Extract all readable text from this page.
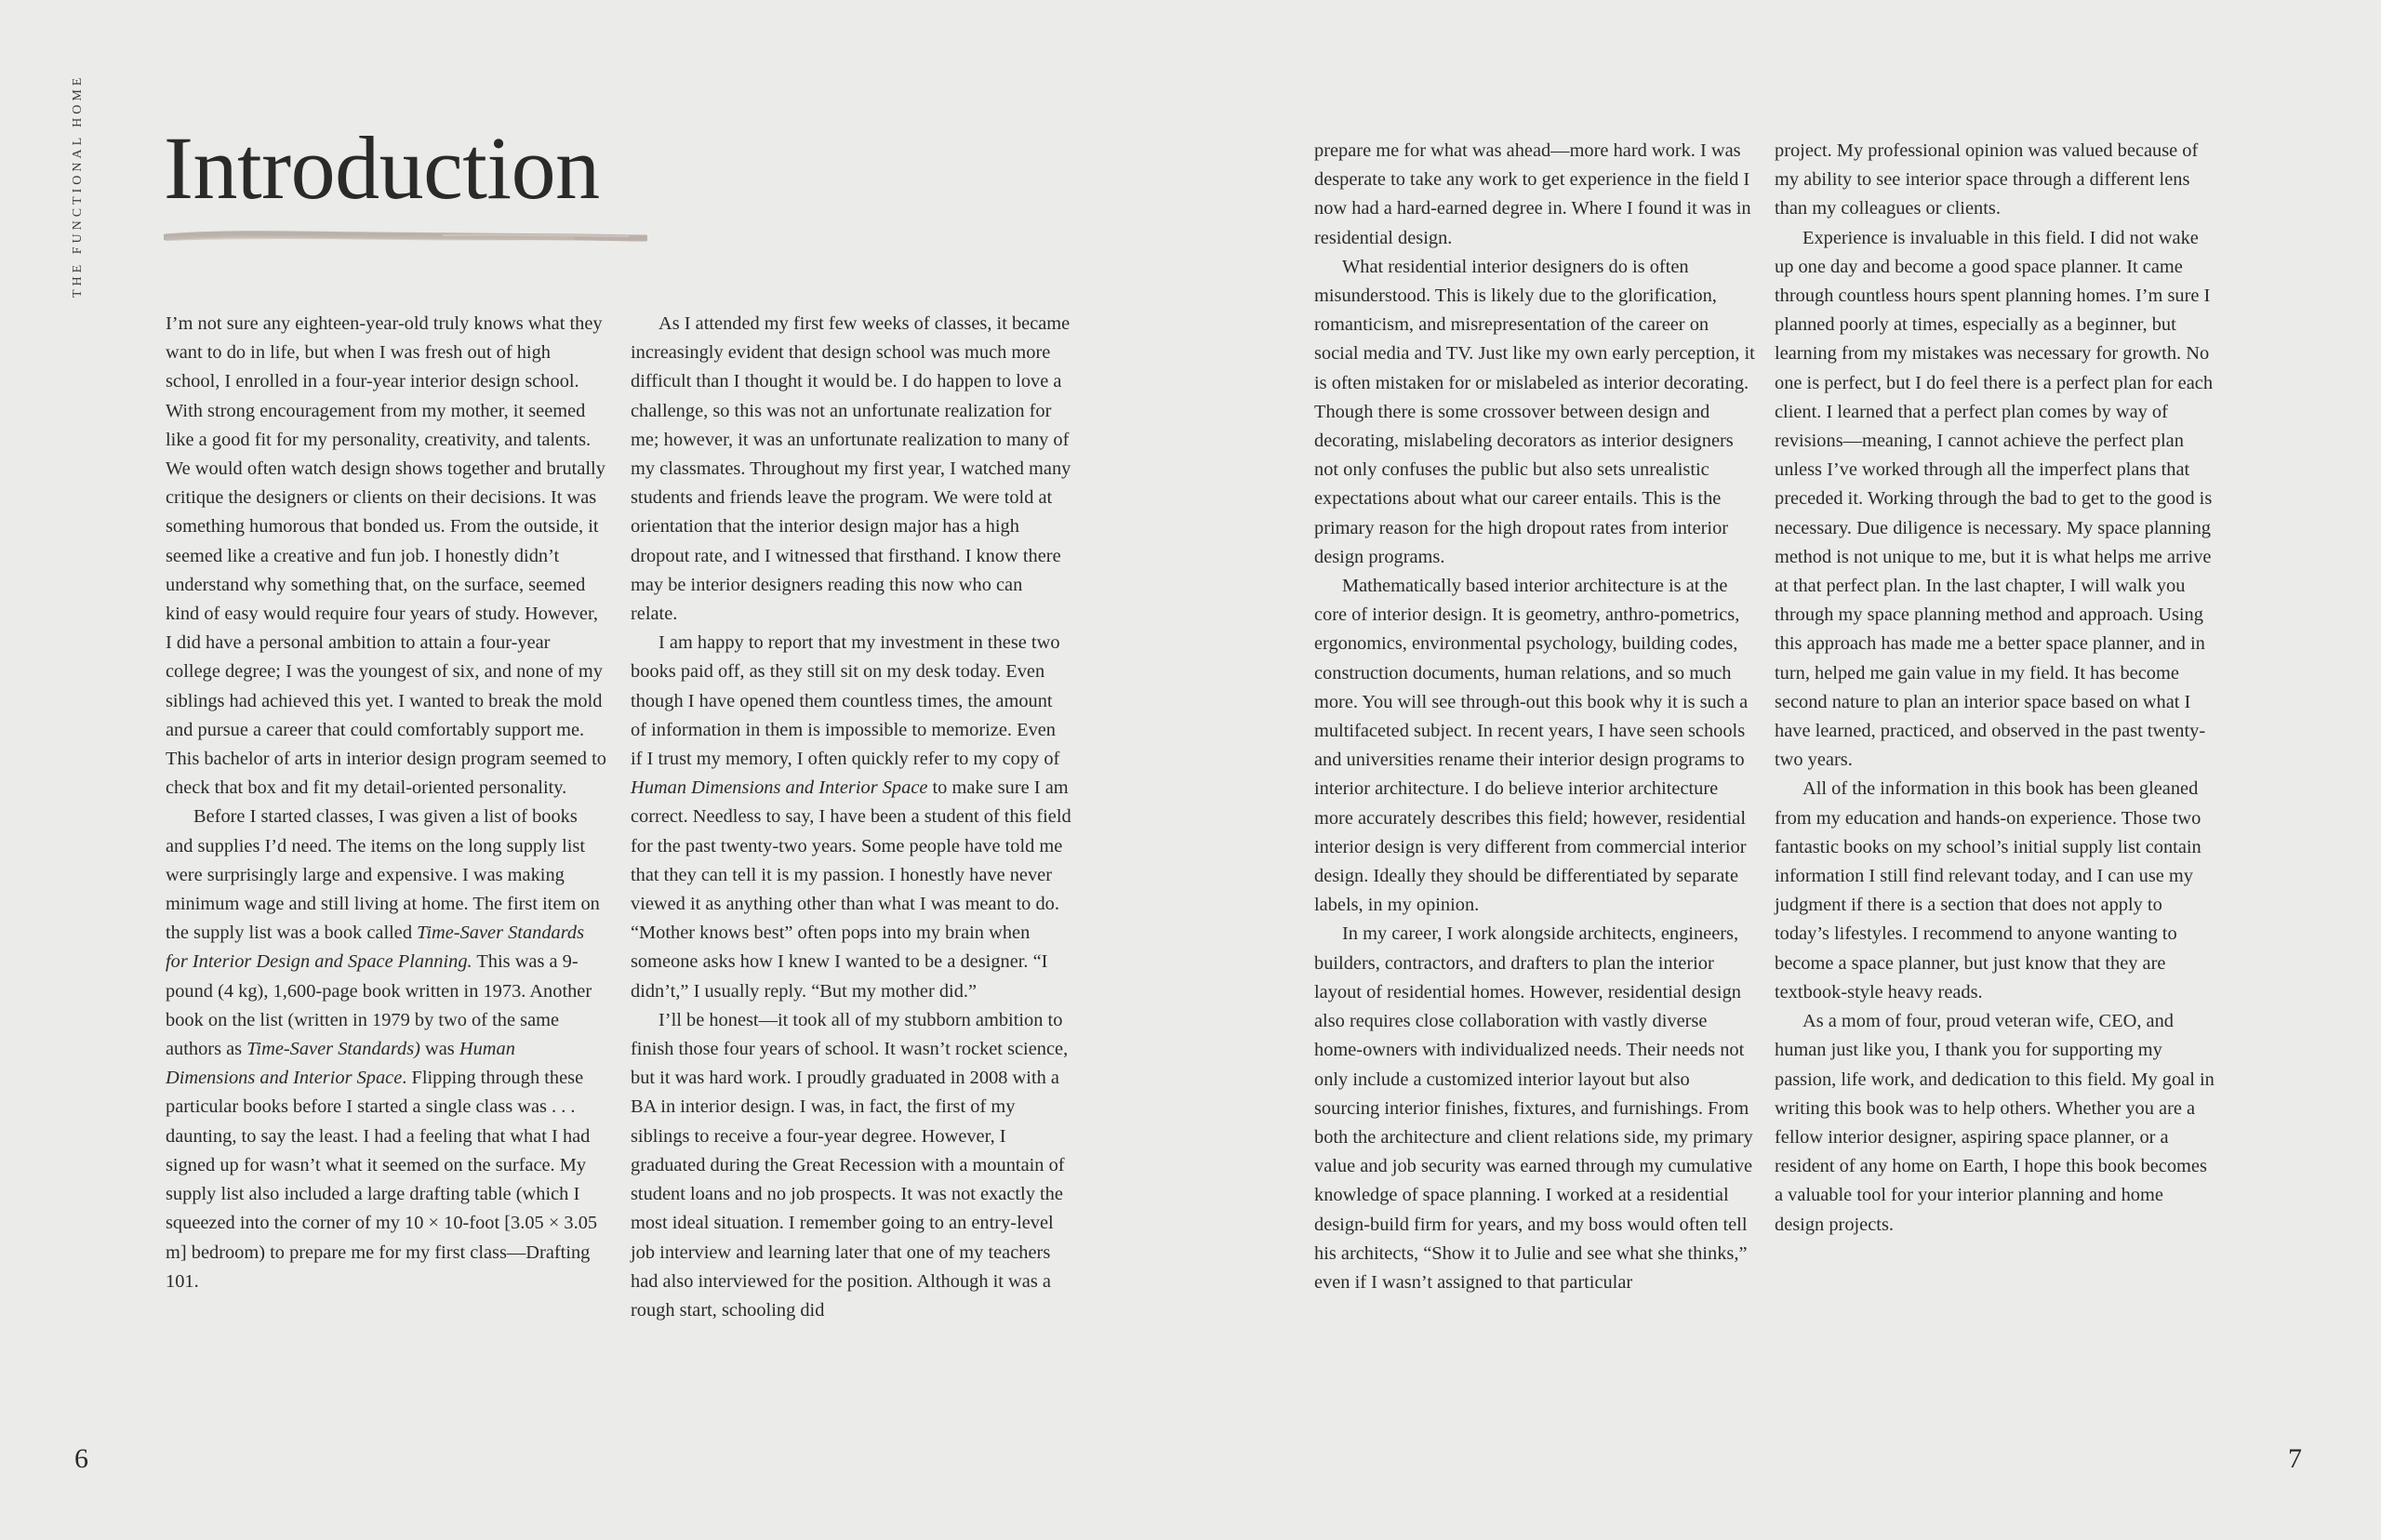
THE FUNCTIONAL HOME Introduction

I’m not sure any eighteen-year-old truly knows what they want to do in life, but when I was fresh out of high school, I enrolled in a four-year interior design school. With strong encouragement from my mother, it seemed like a good fit for my personality, creativity, and talents. We would often watch design shows together and brutally critique the designers or clients on their decisions. It was something humorous that bonded us. From the outside, it seemed like a creative and fun job. I honestly didn’t understand why something that, on the surface, seemed kind of easy would require four years of study. However, I did have a personal ambition to attain a four-year college degree; I was the youngest of six, and none of my siblings had achieved this yet. I wanted to break the mold and pursue a career that could comfortably support me. This bachelor of arts in interior design program seemed to check that box and fit my detail-oriented personality.

Before I started classes, I was given a list of books and supplies I’d need. The items on the long supply list were surprisingly large and expensive. I was making minimum wage and still living at home. The first item on the supply list was a book called Time-Saver Standards for Interior Design and Space Planning. This was a 9-pound (4 kg), 1,600-page book written in 1973. Another book on the list (written in 1979 by two of the same authors as Time-Saver Standards) was Human Dimensions and Interior Space. Flipping through these particular books before I started a single class was . . . daunting, to say the least. I had a feeling that what I had signed up for wasn’t what it seemed on the surface. My supply list also included a large drafting table (which I squeezed into the corner of my 10 × 10-foot [3.05 × 3.05 m] bedroom) to prepare me for my first class—Drafting 101.

As I attended my first few weeks of classes, it became increasingly evident that design school was much more difficult than I thought it would be. I do happen to love a challenge, so this was not an unfortunate realization for me; however, it was an unfortunate realization to many of my classmates. Throughout my first year, I watched many students and friends leave the program. We were told at orientation that the interior design major has a high dropout rate, and I witnessed that firsthand. I know there may be interior designers reading this now who can relate.

I am happy to report that my investment in these two books paid off, as they still sit on my desk today. Even though I have opened them countless times, the amount of information in them is impossible to memorize. Even if I trust my memory, I often quickly refer to my copy of Human Dimensions and Interior Space to make sure I am correct. Needless to say, I have been a student of this field for the past twenty-two years. Some people have told me that they can tell it is my passion. I honestly have never viewed it as anything other than what I was meant to do. “Mother knows best” often pops into my brain when someone asks how I knew I wanted to be a designer. “I didn’t,” I usually reply. “But my mother did.”

I’ll be honest—it took all of my stubborn ambition to finish those four years of school. It wasn’t rocket science, but it was hard work. I proudly graduated in 2008 with a BA in interior design. I was, in fact, the first of my siblings to receive a four-year degree. However, I graduated during the Great Recession with a mountain of student loans and no job prospects. It was not exactly the most ideal situation. I remember going to an entry-level job interview and learning later that one of my teachers had also interviewed for the position. Although it was a rough start, schooling did

prepare me for what was ahead—more hard work. I was desperate to take any work to get experience in the field I now had a hard-earned degree in. Where I found it was in residential design.

What residential interior designers do is often misunderstood. This is likely due to the glorification, romanticism, and misrepresentation of the career on social media and TV. Just like my own early perception, it is often mistaken for or mislabeled as interior decorating. Though there is some crossover between design and decorating, mislabeling decorators as interior designers not only confuses the public but also sets unrealistic expectations about what our career entails. This is the primary reason for the high dropout rates from interior design programs.

Mathematically based interior architecture is at the core of interior design. It is geometry, anthro-pometrics, ergonomics, environmental psychology, building codes, construction documents, human relations, and so much more. You will see through-out this book why it is such a multifaceted subject. In recent years, I have seen schools and universities rename their interior design programs to interior architecture. I do believe interior architecture more accurately describes this field; however, residential interior design is very different from commercial interior design. Ideally they should be differentiated by separate labels, in my opinion.

In my career, I work alongside architects, engineers, builders, contractors, and drafters to plan the interior layout of residential homes. However, residential design also requires close collaboration with vastly diverse home-owners with individualized needs. Their needs not only include a customized interior layout but also sourcing interior finishes, fixtures, and furnishings. From both the architecture and client relations side, my primary value and job security was earned through my cumulative knowledge of space planning. I worked at a residential design-build firm for years, and my boss would often tell his architects, “Show it to Julie and see what she thinks,” even if I wasn’t assigned to that particular

project. My professional opinion was valued because of my ability to see interior space through a different lens than my colleagues or clients.

Experience is invaluable in this field. I did not wake up one day and become a good space planner. It came through countless hours spent planning homes. I’m sure I planned poorly at times, especially as a beginner, but learning from my mistakes was necessary for growth. No one is perfect, but I do feel there is a perfect plan for each client. I learned that a perfect plan comes by way of revisions—meaning, I cannot achieve the perfect plan unless I’ve worked through all the imperfect plans that preceded it. Working through the bad to get to the good is necessary. Due diligence is necessary. My space planning method is not unique to me, but it is what helps me arrive at that perfect plan. In the last chapter, I will walk you through my space planning method and approach. Using this approach has made me a better space planner, and in turn, helped me gain value in my field. It has become second nature to plan an interior space based on what I have learned, practiced, and observed in the past twenty-two years.

All of the information in this book has been gleaned from my education and hands-on experience. Those two fantastic books on my school’s initial supply list contain information I still find relevant today, and I can use my judgment if there is a section that does not apply to today’s lifestyles. I recommend to anyone wanting to become a space planner, but just know that they are textbook-style heavy reads.

As a mom of four, proud veteran wife, CEO, and human just like you, I thank you for supporting my passion, life work, and dedication to this field. My goal in writing this book was to help others. Whether you are a fellow interior designer, aspiring space planner, or a resident of any home on Earth, I hope this book becomes a valuable tool for your interior planning and home design projects.

6	7
